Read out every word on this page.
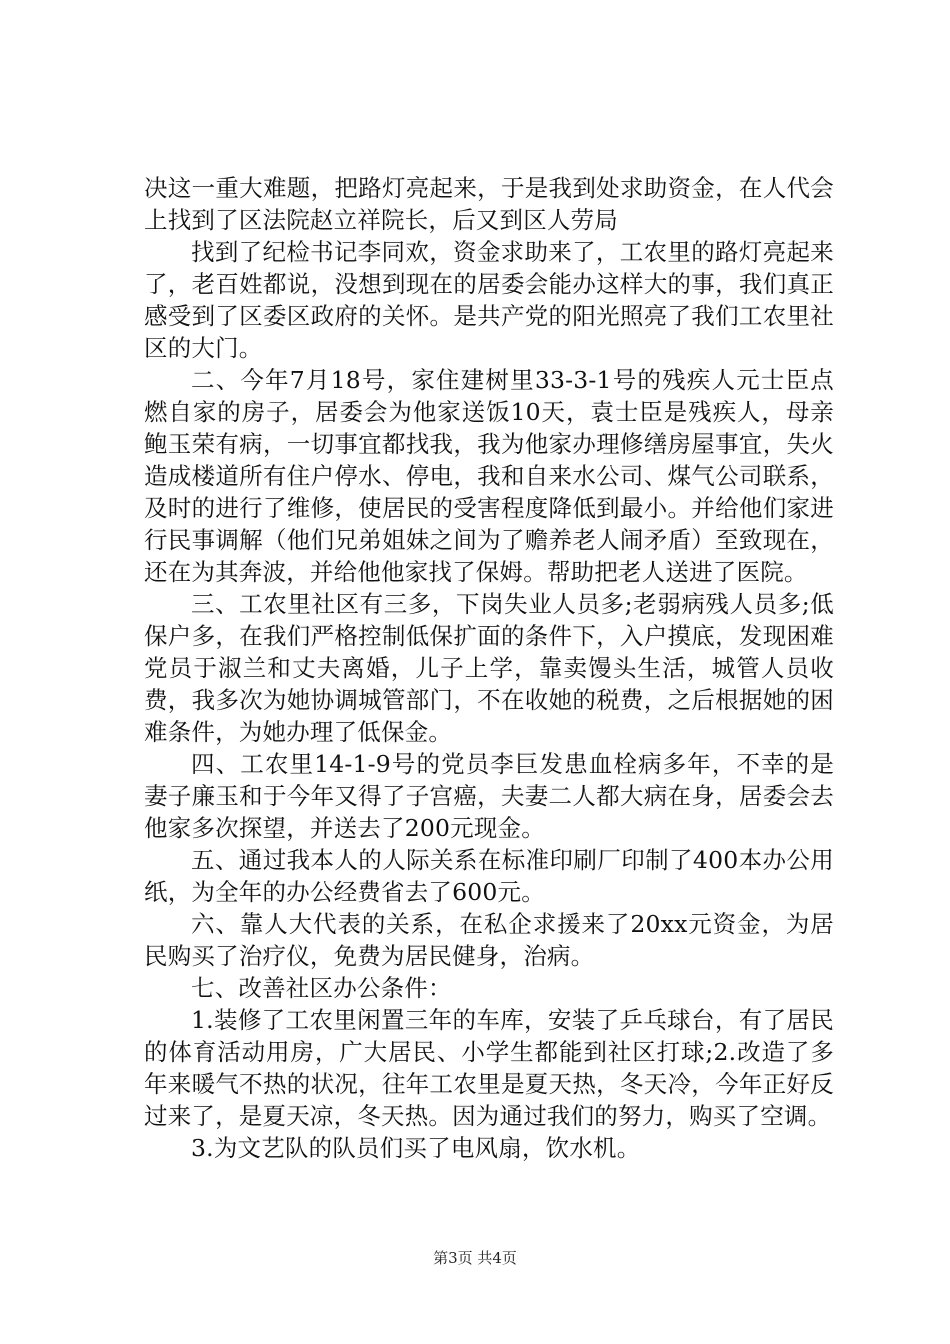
决这一重大难题，把路灯亮起来，于是我到处求助资金，在人代会上找到了区法院赵立祥院长，后又到区人劳局

找到了纪检书记李同欢，资金求助来了，工农里的路灯亮起来了，老百姓都说，没想到现在的居委会能办这样大的事，我们真正感受到了区委区政府的关怀。是共产党的阳光照亮了我们工农里社区的大门。

二、今年7月18号，家住建树里33-3-1号的残疾人元士臣点燃自家的房子，居委会为他家送饭10天，袁士臣是残疾人，母亲鲍玉荣有病，一切事宜都找我，我为他家办理修缮房屋事宜，失火造成楼道所有住户停水、停电，我和自来水公司、煤气公司联系，及时的进行了维修，使居民的受害程度降低到最小。并给他们家进行民事调解（他们兄弟姐妹之间为了赡养老人闹矛盾）至致现在，还在为其奔波，并给他他家找了保姆。帮助把老人送进了医院。

三、工农里社区有三多，下岗失业人员多;老弱病残人员多;低保户多，在我们严格控制低保扩面的条件下，入户摸底，发现困难党员于淑兰和丈夫离婚，儿子上学，靠卖馒头生活，城管人员收费，我多次为她协调城管部门，不在收她的税费，之后根据她的困难条件，为她办理了低保金。

四、工农里14-1-9号的党员李巨发患血栓病多年，不幸的是妻子廉玉和于今年又得了子宫癌，夫妻二人都大病在身，居委会去他家多次探望，并送去了200元现金。

五、通过我本人的人际关系在标准印刷厂印制了400本办公用纸，为全年的办公经费省去了600元。

六、靠人大代表的关系，在私企求援来了20xx元资金，为居民购买了治疗仪，免费为居民健身，治病。

七、改善社区办公条件：

1.装修了工农里闲置三年的车库，安装了乒乓球台，有了居民的体育活动用房，广大居民、小学生都能到社区打球;2.改造了多年来暖气不热的状况，往年工农里是夏天热，冬天冷，今年正好反过来了，是夏天凉，冬天热。因为通过我们的努力，购买了空调。

3.为文艺队的队员们买了电风扇，饮水机。

第3页 共4页
